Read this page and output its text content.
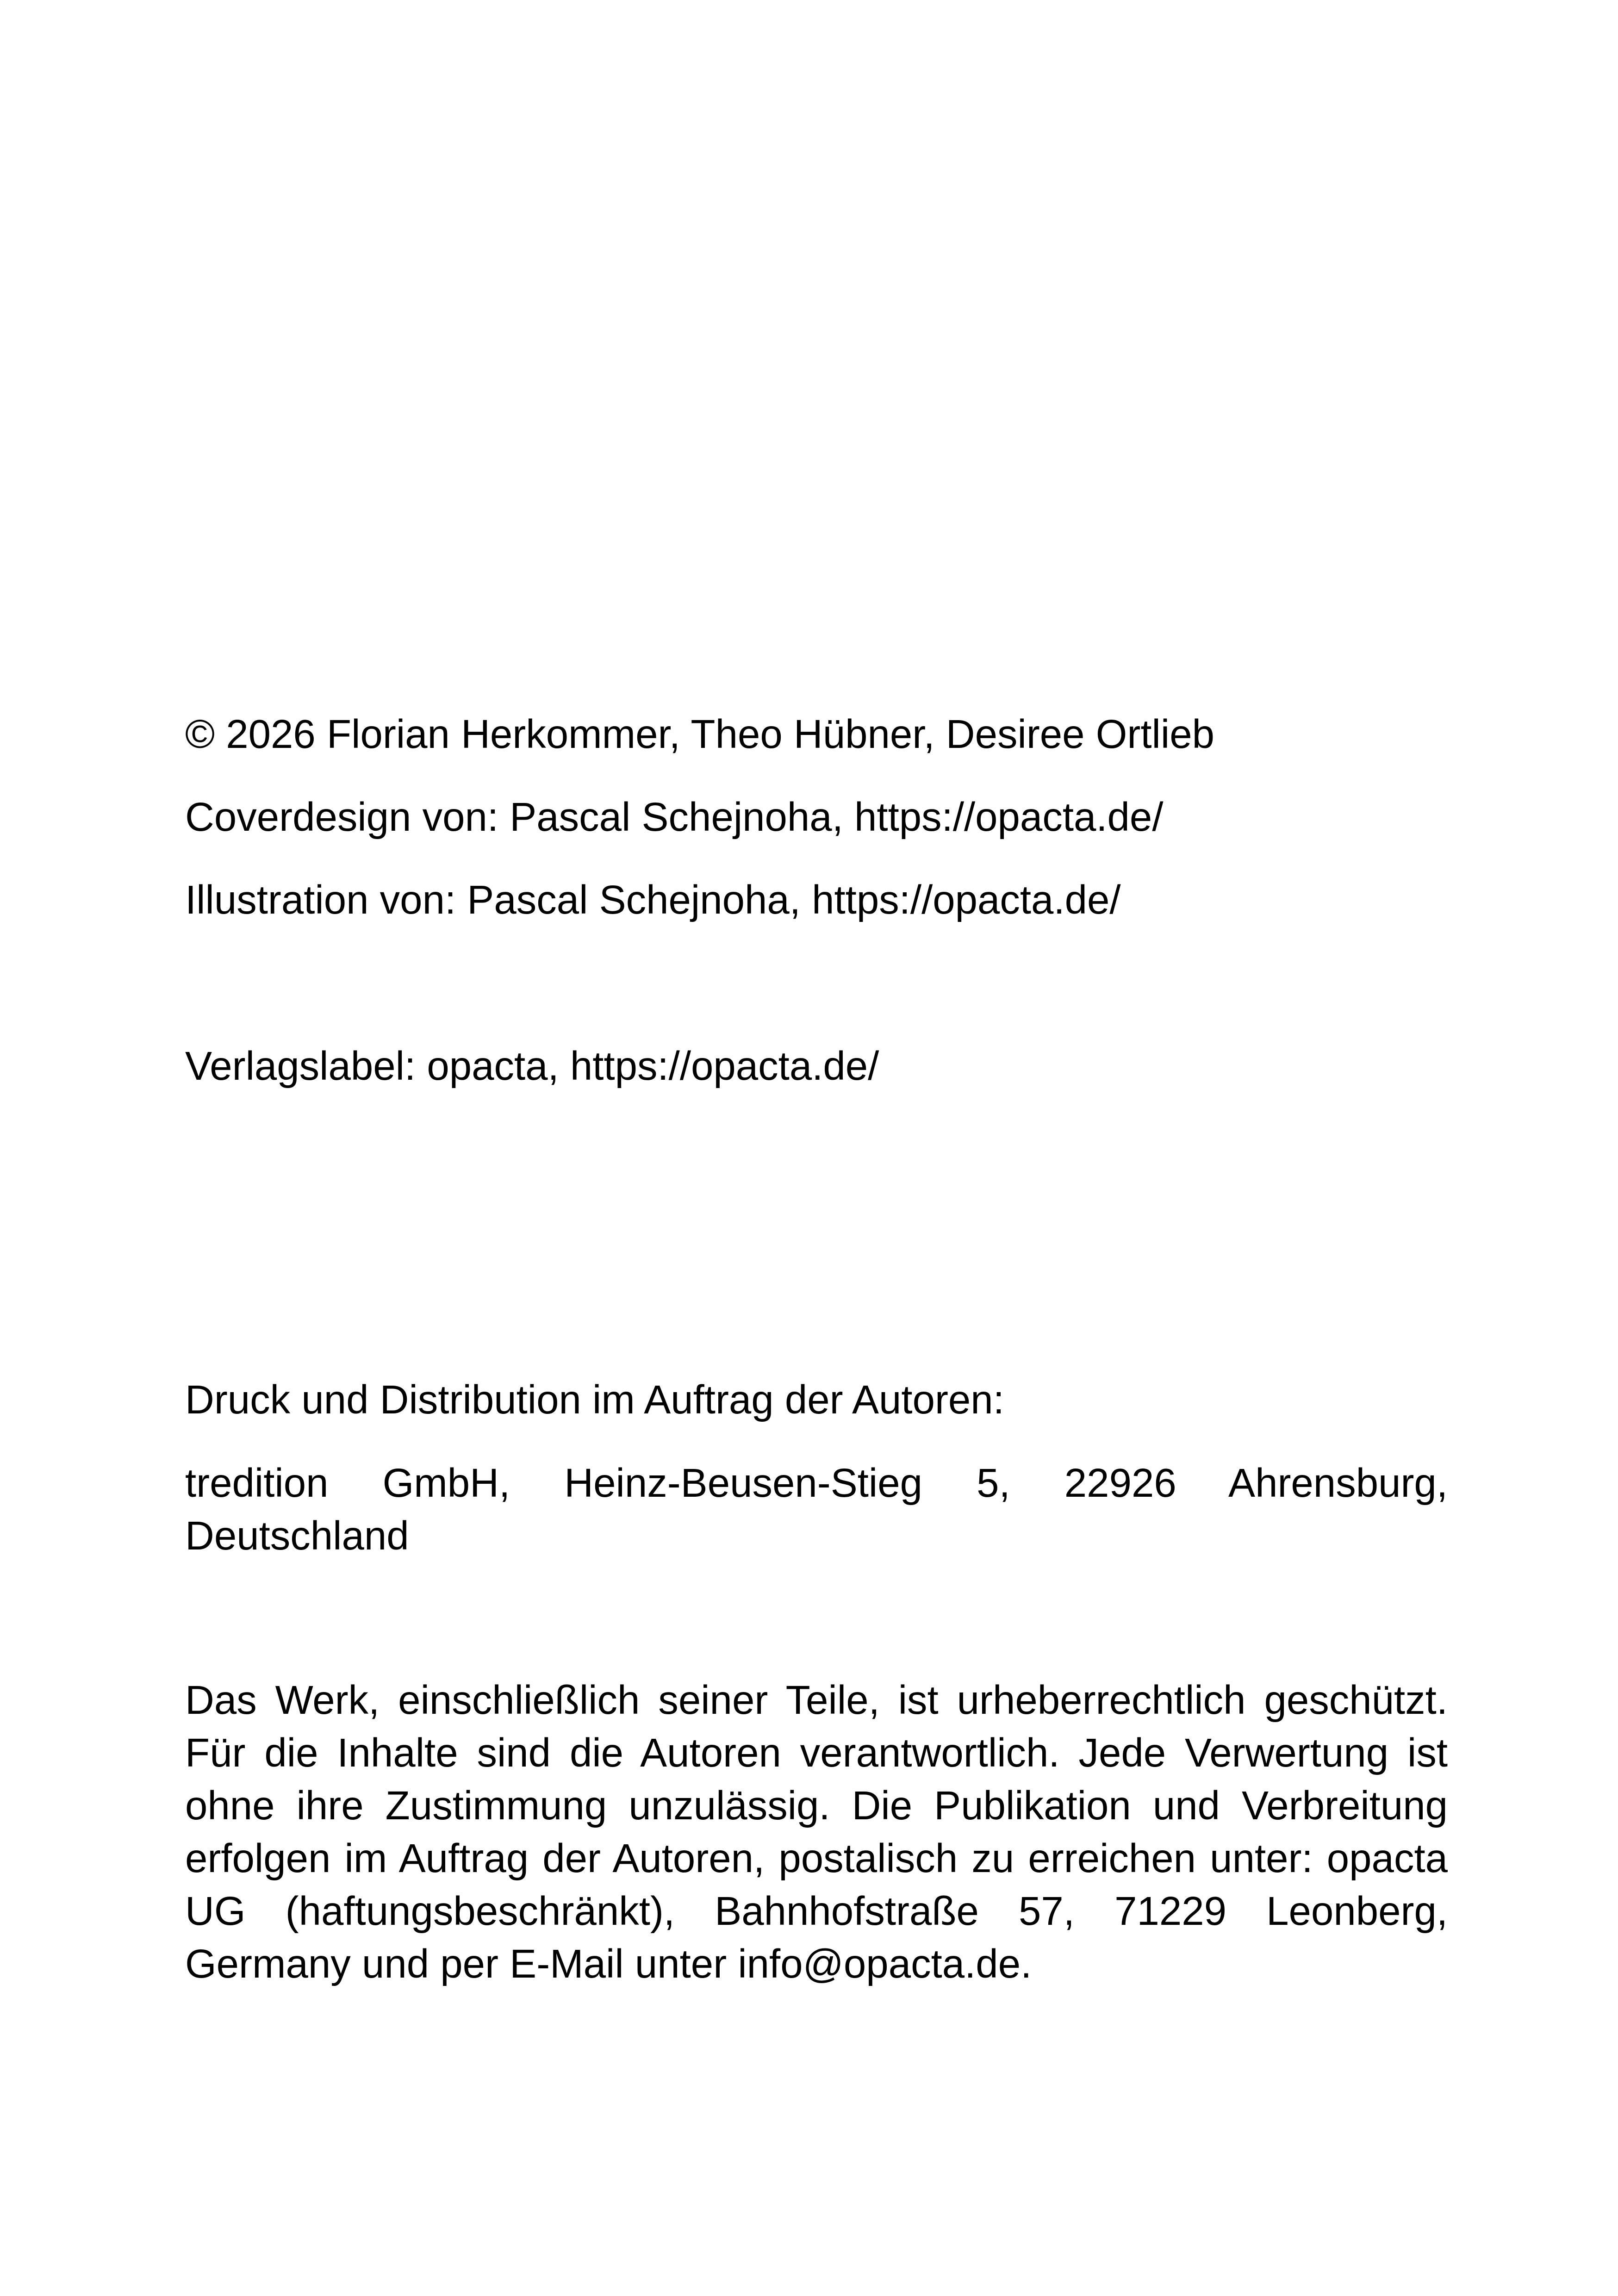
© 2026 Florian Herkommer, Theo Hübner, Desiree Ortlieb
Coverdesign von: Pascal Schejnoha, https://opacta.de/
Illustration von: Pascal Schejnoha, https://opacta.de/
Verlagslabel: opacta, https://opacta.de/
Druck und Distribution im Auftrag der Autoren:
tredition GmbH, Heinz-Beusen-Stieg 5, 22926 Ahrensburg, Deutschland
Das Werk, einschließlich seiner Teile, ist urheberrechtlich geschützt. Für die Inhalte sind die Autoren verantwortlich. Jede Verwertung ist ohne ihre Zustimmung unzulässig. Die Publikation und Verbreitung erfolgen im Auftrag der Autoren, postalisch zu erreichen unter: opacta UG (haftungsbeschränkt), Bahnhofstraße 57, 71229 Leonberg, Germany und per E-Mail unter info@opacta.de.
